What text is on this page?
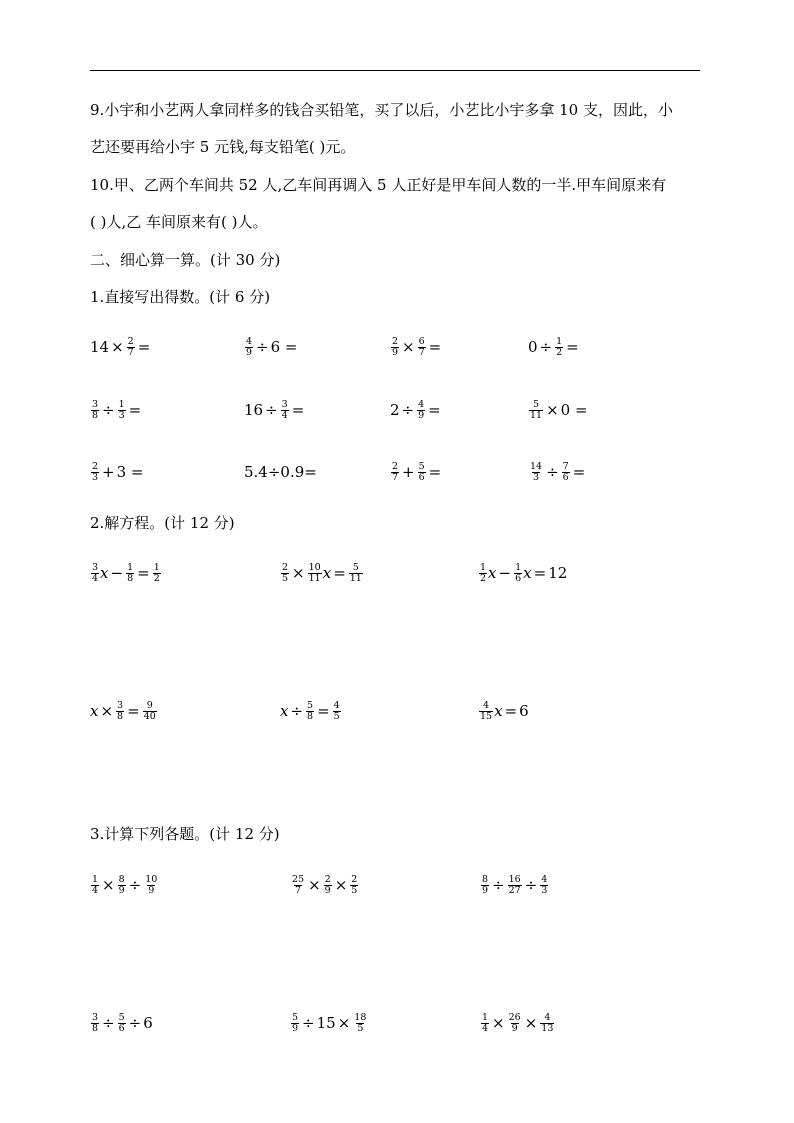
9.小宇和小艺两人拿同样多的钱合买铅笔，买了以后，小艺比小宇多拿 10 支，因此，小
艺还要再给小宇 5 元钱,每支铅笔( )元。
10.甲、乙两个车间共 52 人,乙车间再调入 5 人正好是甲车间人数的一半.甲车间原来有
( )人,乙 车间原来有( )人。
二、细心算一算。(计 30 分)
1.直接写出得数。(计 6 分)
$14 \times \frac{2}{7}$ =	$\frac{4}{9} \div 6$ =	$\frac{2}{9} \times \frac{6}{7}$ =	$0 \div \frac{1}{2}$ =
$\frac{3}{8} \div \frac{1}{3}$ =	$16 \div \frac{3}{4}$ =	$2 \div \frac{4}{9}$ =	$\frac{5}{11} \times 0$ =
$\frac{2}{3} + 3$ =	5.4÷0.9=	$\frac{2}{7} + \frac{5}{6}$ =	$\frac{14}{3} \div \frac{7}{6}$ =
2.解方程。(计 12 分)
$\frac{3}{4}$ $x - \frac{1}{8} = \frac{1}{2}$	$\frac{2}{5} \times \frac{10}{11}$ $x = \frac{5}{11}$	$\frac{1}{2}$ $x - \frac{1}{6}$ x = 12
$x \times \frac{3}{8} = \frac{9}{40}$	$x \div \frac{5}{8} = \frac{4}{5}$	$\frac{4}{15}$ x = 6
3.计算下列各题。(计 12 分)
$\frac{1}{4} \times \frac{8}{9} \div \frac{10}{9}$	$\frac{25}{7} \times \frac{2}{9} \times \frac{2}{5}$	$\frac{8}{9} \div \frac{16}{27} \div \frac{4}{3}$
$\frac{3}{8} \div \frac{5}{6} \div 6$	$\frac{5}{9} \div 15 \times \frac{18}{5}$	$\frac{1}{4} \times \frac{26}{9} \times \frac{4}{13}$
